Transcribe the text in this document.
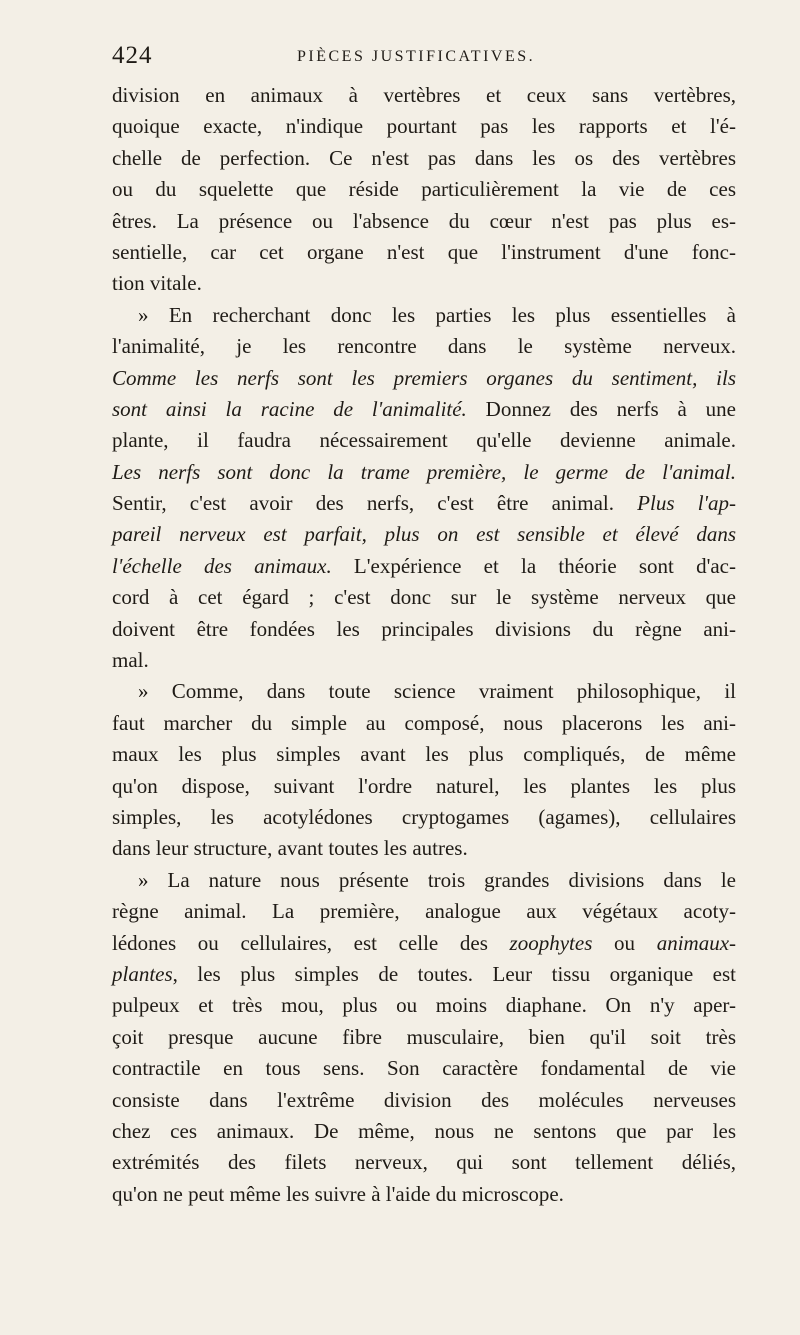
424	PIÈCES JUSTIFICATIVES.
division en animaux à vertèbres et ceux sans vertèbres,
quoique exacte, n'indique pourtant pas les rapports et l'é-
chelle de perfection. Ce n'est pas dans les os des vertèbres
ou du squelette que réside particulièrement la vie de ces
êtres. La présence ou l'absence du cœur n'est pas plus es-
sentielle, car cet organe n'est que l'instrument d'une fonc-
tion vitale.
» En recherchant donc les parties les plus essentielles à
l'animalité, je les rencontre dans le système nerveux.
Comme les nerfs sont les premiers organes du sentiment, ils
sont ainsi la racine de l'animalité. Donnez des nerfs à une
plante, il faudra nécessairement qu'elle devienne animale.
Les nerfs sont donc la trame première, le germe de l'animal.
Sentir, c'est avoir des nerfs, c'est être animal. Plus l'ap-
pareil nerveux est parfait, plus on est sensible et élevé dans
l'échelle des animaux. L'expérience et la théorie sont d'ac-
cord à cet égard ; c'est donc sur le système nerveux que
doivent être fondées les principales divisions du règne ani-
mal.
» Comme, dans toute science vraiment philosophique, il
faut marcher du simple au composé, nous placerons les ani-
maux les plus simples avant les plus compliqués, de même
qu'on dispose, suivant l'ordre naturel, les plantes les plus
simples, les acotylédones cryptogames (agames), cellulaires
dans leur structure, avant toutes les autres.
» La nature nous présente trois grandes divisions dans le
règne animal. La première, analogue aux végétaux acoty-
lédones ou cellulaires, est celle des zoophytes ou animaux-
plantes, les plus simples de toutes. Leur tissu organique est
pulpeux et très mou, plus ou moins diaphane. On n'y aper-
çoit presque aucune fibre musculaire, bien qu'il soit très
contractile en tous sens. Son caractère fondamental de vie
consiste dans l'extrême division des molécules nerveuses
chez ces animaux. De même, nous ne sentons que par les
extrémités des filets nerveux, qui sont tellement déliés,
qu'on ne peut même les suivre à l'aide du microscope.
